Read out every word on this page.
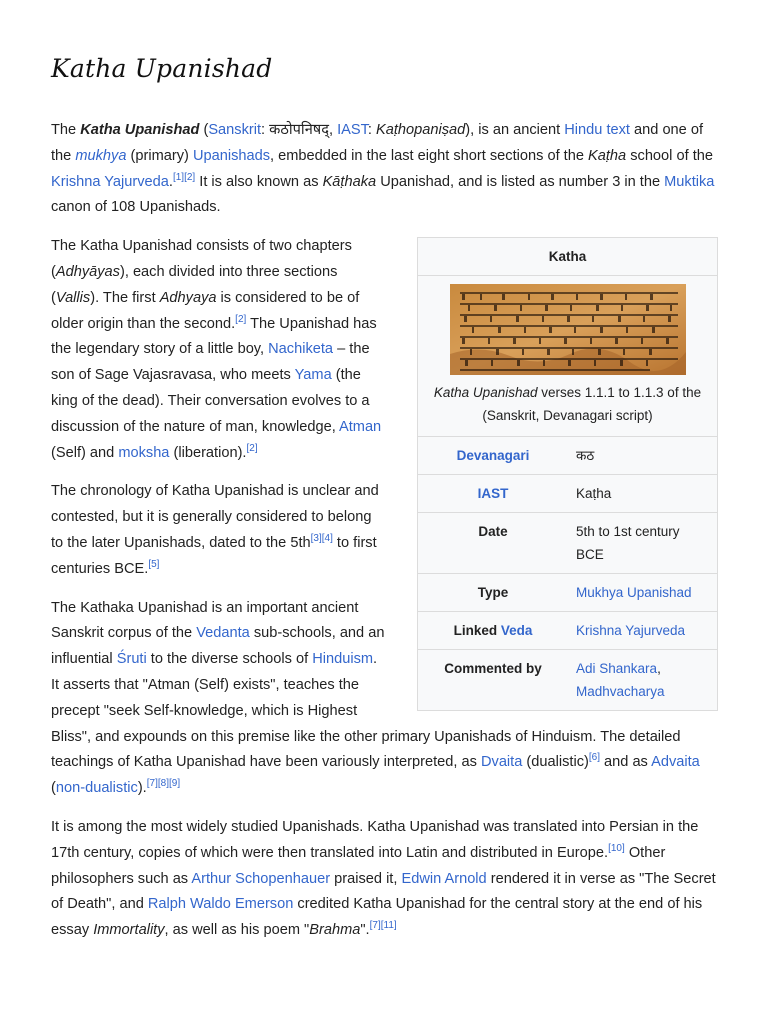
Katha Upanishad

The Katha Upanishad (Sanskrit: कठोपनिषद्, IAST: Kaṭhopaniṣad), is an ancient Hindu text and one of the mukhya (primary) Upanishads, embedded in the last eight short sections of the Kaṭha school of the Krishna Yajurveda.[1][2] It is also known as Kāṭhaka Upanishad, and is listed as number 3 in the Muktika canon of 108 Upanishads.

Katha
Katha Upanishad verses 1.1.1 to 1.1.3 of the (Sanskrit, Devanagari script)
Devanagari	कठ
IAST	Kaṭha
Date	5th to 1st century BCE
Type	Mukhya Upanishad
Linked Veda	Krishna Yajurveda
Commented by	Adi Shankara,
Madhvacharya

The Katha Upanishad consists of two chapters (Adhyāyas), each divided into three sections (Vallis). The first Adhyaya is considered to be of older origin than the second.[2] The Upanishad has the legendary story of a little boy, Nachiketa – the son of Sage Vajasravasa, who meets Yama (the king of the dead). Their conversation evolves to a discussion of the nature of man, knowledge, Atman (Self) and moksha (liberation).[2]

The chronology of Katha Upanishad is unclear and contested, but it is generally considered to belong to the later Upanishads, dated to the 5th[3][4] to first centuries BCE.[5]

The Kathaka Upanishad is an important ancient Sanskrit corpus of the Vedanta sub-schools, and an influential Śruti to the diverse schools of Hinduism. It asserts that "Atman (Self) exists", teaches the precept "seek Self-knowledge, which is Highest Bliss", and expounds on this premise like the other primary Upanishads of Hinduism. The detailed teachings of Katha Upanishad have been variously interpreted, as Dvaita (dualistic)[6] and as Advaita (non-dualistic).[7][8][9]

It is among the most widely studied Upanishads. Katha Upanishad was translated into Persian in the 17th century, copies of which were then translated into Latin and distributed in Europe.[10] Other philosophers such as Arthur Schopenhauer praised it, Edwin Arnold rendered it in verse as "The Secret of Death", and Ralph Waldo Emerson credited Katha Upanishad for the central story at the end of his essay Immortality, as well as his poem "Brahma".[7][11]
